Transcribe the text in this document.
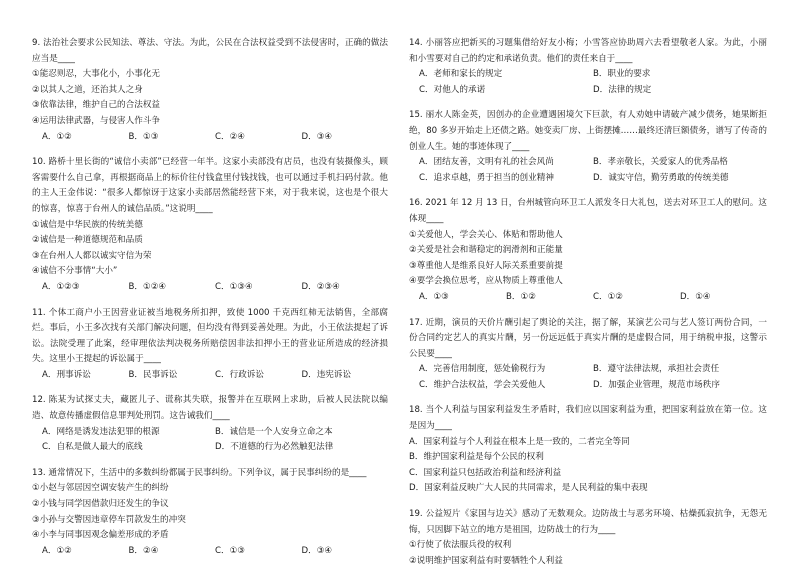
9. 法治社会要求公民知法、尊法、守法。为此，公民在合法权益受到不法侵害时，正确的做法应当是____

①能忍则忍，大事化小，小事化无

②以其人之道，还治其人之身

③依靠法律，维护自己的合法权益

④运用法律武器，与侵害人作斗争

A．①②	B．①③	C．②④	D．③④

10. 路桥十里长街的“诚信小卖部”已经营一年半。这家小卖部没有店员，也没有装摄像头，顾客需要什么自己拿，再根据商品上的标价往付钱盒里付钱找钱，也可以通过手机扫码付款。他的主人王金伟说：“很多人都惊讶于这家小卖部居然能经营下来，对于我来说，这也是个很大的惊喜，惊喜于台州人的诚信品质。”这说明____

①诚信是中华民族的传统美德

②诚信是一种道德规范和品质

③在台州人人都以诚实守信为荣

④诚信不分事情“大小”

A．①②③	B．①②④	C．①③④	D．②③④

11. 个体工商户小王因营业证被当地税务所扣押，致使 1000 千克西红柿无法销售，全部腐烂。事后，小王多次找有关部门解决问题，但均没有得到妥善处理。为此，小王依法提起了诉讼。法院受理了此案，经审理依法判决税务所赔偿因非法扣押小王的营业证所造成的经济损失。这里小王提起的诉讼属于____

A．刑事诉讼	B．民事诉讼	C．行政诉讼	D．违宪诉讼

12. 陈某为试探丈夫，藏匿儿子、谎称其失联，报警并在互联网上求助，后被人民法院以编造、故意传播虚假信息罪判处刑罚。这告诫我们____

A．网络是诱发违法犯罪的根源	B．诚信是一个人安身立命之本
C．自私是做人最大的底线	D．不道德的行为必然触犯法律

13. 通常情况下，生活中的多数纠纷都属于民事纠纷。下列争议，属于民事纠纷的是____

①小赵与邻居因空调安装产生的纠纷

②小钱与同学因借款归还发生的争议

③小孙与交警因违章停车罚款发生的冲突

④小李与同事因观念偏差形成的矛盾

A．①②	B．②④	C．①③	D．③④

14. 小丽答应把新买的习题集借给好友小梅；小雪答应协助周六去看望敬老人家。为此，小丽和小雪要对自己的约定和承诺负责。他们的责任来自于____

A．老师和家长的规定	B．职业的要求
C．对他人的承诺	D．法律的规定

15. 丽水人陈金英，因创办的企业遭遇困境欠下巨款，有人劝她申请破产减少债务，她果断拒绝，80 多岁开始走上还债之路。她变卖厂房、上街摆摊……最终还清巨额债务，谱写了传奇的创业人生。她的事迹体现了____

A．团结友善，文明有礼的社会风尚	B．孝亲敬长，关爱家人的优秀品格
C．追求卓越，勇于担当的创业精神	D．诚实守信，勤劳勇敢的传统美德

16. 2021 年 12 月 13 日，台州城管向环卫工人派发冬日大礼包，送去对环卫工人的慰问。这体现____

①关爱他人，学会关心、体贴和帮助他人

②关爱是社会和谐稳定的润滑剂和正能量

③尊重他人是维系良好人际关系重要前提

④要学会换位思考，应从物质上尊重他人

A．①③	B．①②	C．①②	D．①④

17. 近期，演员的天价片酬引起了舆论的关注，据了解，某演艺公司与艺人签订两份合同，一份合同约定艺人的真实片酬，另一份远远低于真实片酬的是虚假合同，用于纳税申报，这警示公民要____

A．完善信用制度，惩处偷税行为	B．遵守法律法规，承担社会责任
C．维护合法权益，学会关爱他人	D．加强企业管理，规范市场秩序

18. 当个人利益与国家利益发生矛盾时，我们应以国家利益为重，把国家利益放在第一位。这是因为____

A．国家利益与个人利益在根本上是一致的，二者完全等同

B．维护国家利益是每个公民的权利

C．国家利益只包括政治利益和经济利益

D．国家利益反映广大人民的共同需求，是人民利益的集中表现

19. 公益短片《家国与边关》感动了无数观众。边防战士与恶劣环境、枯燥孤寂抗争，无怨无悔，只因脚下站立的地方是祖国，边防战士的行为____

①行使了依法服兵役的权利

②说明维护国家利益有时要牺牲个人利益
